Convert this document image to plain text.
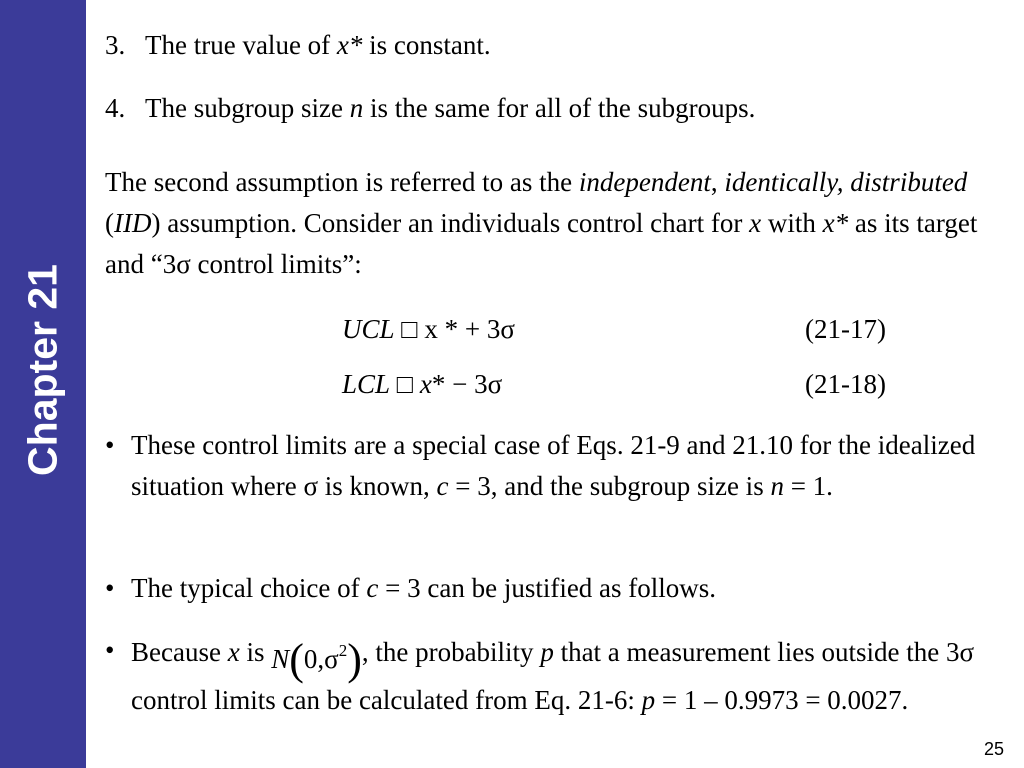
Chapter 21
3. The true value of x* is constant.
4. The subgroup size n is the same for all of the subgroups.
The second assumption is referred to as the independent, identically, distributed (IID) assumption. Consider an individuals control chart for x with x* as its target and “3σ control limits”:
UCL □ x * + 3σ	(21-17)
LCL □ x* − 3σ	(21-18)
• These control limits are a special case of Eqs. 21-9 and 21.10 for the idealized situation where σ is known, c = 3, and the subgroup size is n = 1.
• The typical choice of c = 3 can be justified as follows.
• Because x is $N(0,\sigma^2)$, the probability p that a measurement lies outside the 3σ control limits can be calculated from Eq. 21-6: p = 1 – 0.9973 = 0.0027.
25
